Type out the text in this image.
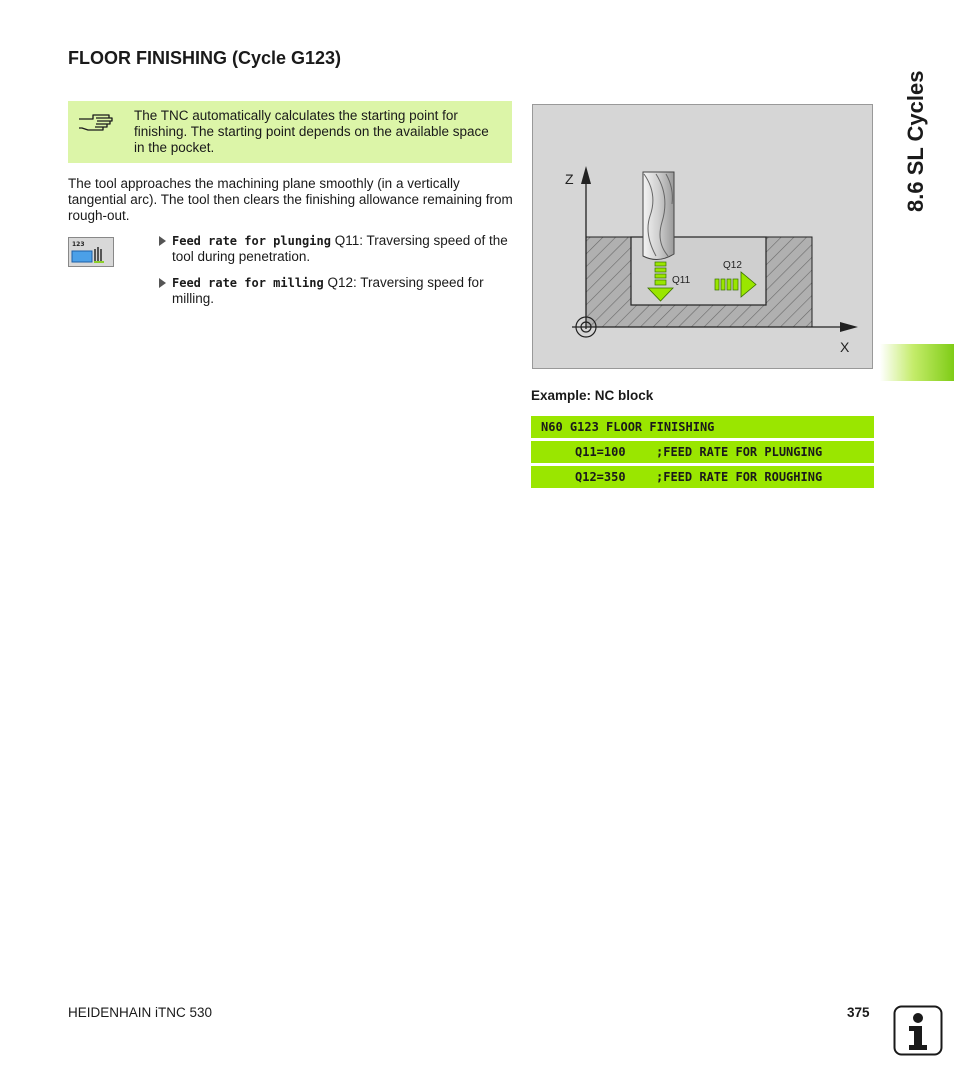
FLOOR FINISHING (Cycle G123)

The TNC automatically calculates the starting point for finishing. The starting point depends on the available space in the pocket.

The tool approaches the machining plane smoothly (in a vertically tangential arc). The tool then clears the finishing allowance remaining from rough-out.

123	Feed rate for plunging Q11: Traversing speed of the tool during penetration.
Feed rate for milling Q12: Traversing speed for milling.
Z
X
Q11
Q12

Example: NC block

N60 G123 FLOOR FINISHING

Q11=100

	;FEED RATE FOR PLUNGING

Q12=350

	;FEED RATE FOR ROUGHING

8.6 SL Cycles

HEIDENHAIN iTNC 530	375
